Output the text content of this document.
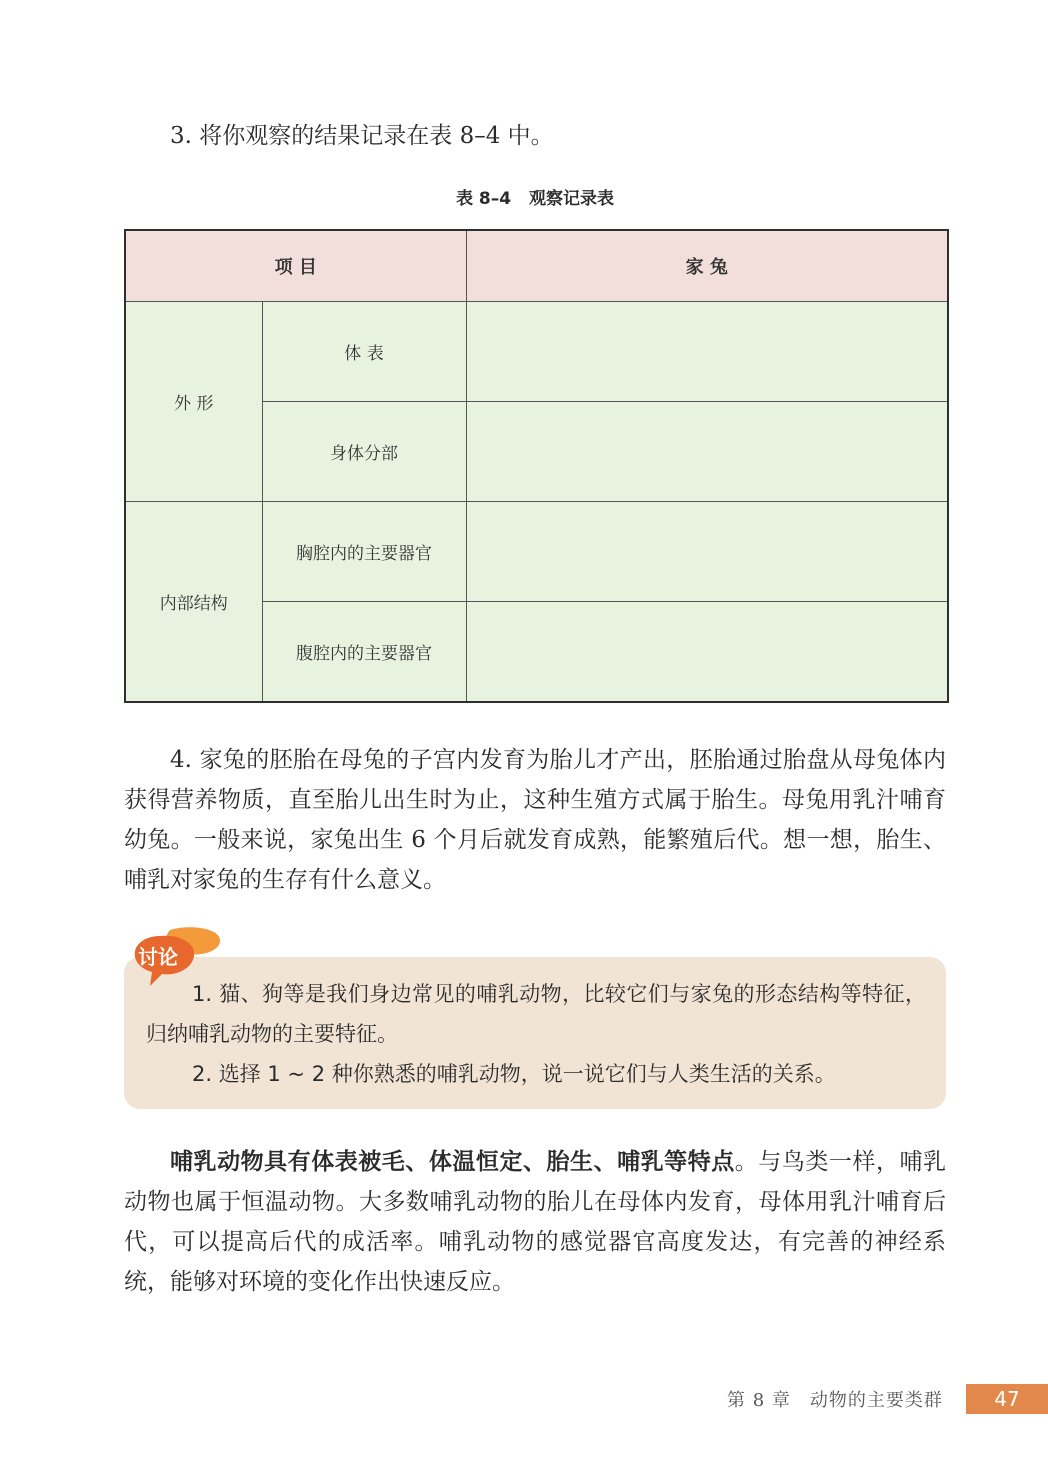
3. 将你观察的结果记录在表 8–4 中。

表 8–4 观察记录表
项 目		家 兔
外 形	体 表	
	身体分部	
内部结构	胸腔内的主要器官	
	腹腔内的主要器官	

4. 家兔的胚胎在母兔的子宫内发育为胎儿才产出，胚胎通过胎盘从母兔体内获得营养物质，直至胎儿出生时为止，这种生殖方式属于胎生。母兔用乳汁哺育幼兔。一般来说，家兔出生 6 个月后就发育成熟，能繁殖后代。想一想，胎生、哺乳对家兔的生存有什么意义。

1. 猫、狗等是我们身边常见的哺乳动物，比较它们与家兔的形态结构等特征，归纳哺乳动物的主要特征。

2. 选择 1 ~ 2 种你熟悉的哺乳动物，说一说它们与人类生活的关系。

讨论

哺乳动物具有体表被毛、体温恒定、胎生、哺乳等特点。与鸟类一样，哺乳动物也属于恒温动物。大多数哺乳动物的胎儿在母体内发育，母体用乳汁哺育后代，可以提高后代的成活率。哺乳动物的感觉器官高度发达，有完善的神经系统，能够对环境的变化作出快速反应。

第 8 章　动物的主要类群	47
